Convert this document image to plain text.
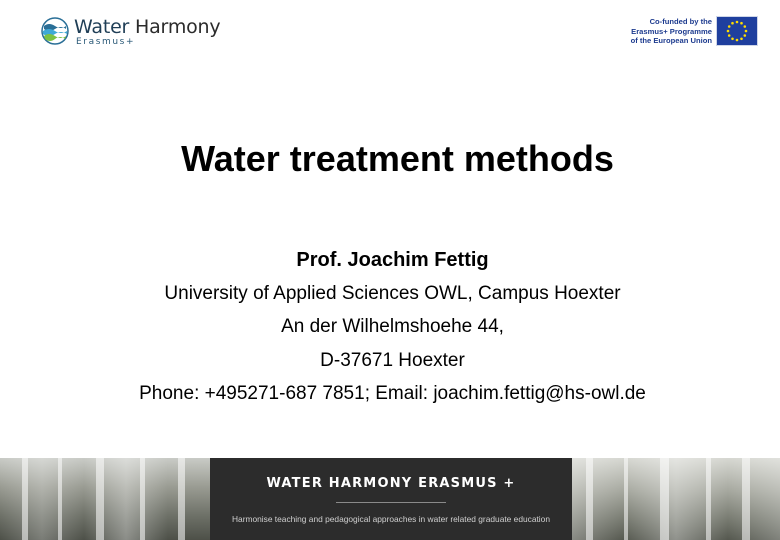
Water Harmony
Erasmus+
Co-funded by the
Erasmus+ Programme
of the European Union
Water treatment methods
Prof. Joachim Fettig
University of Applied Sciences OWL, Campus Hoexter
An der Wilhelmshoehe 44,
D-37671 Hoexter
Phone: +495271-687 7851; Email: joachim.fettig@hs-owl.de
WATER HARMONY ERASMUS +
Harmonise teaching and pedagogical approaches in water related graduate education
